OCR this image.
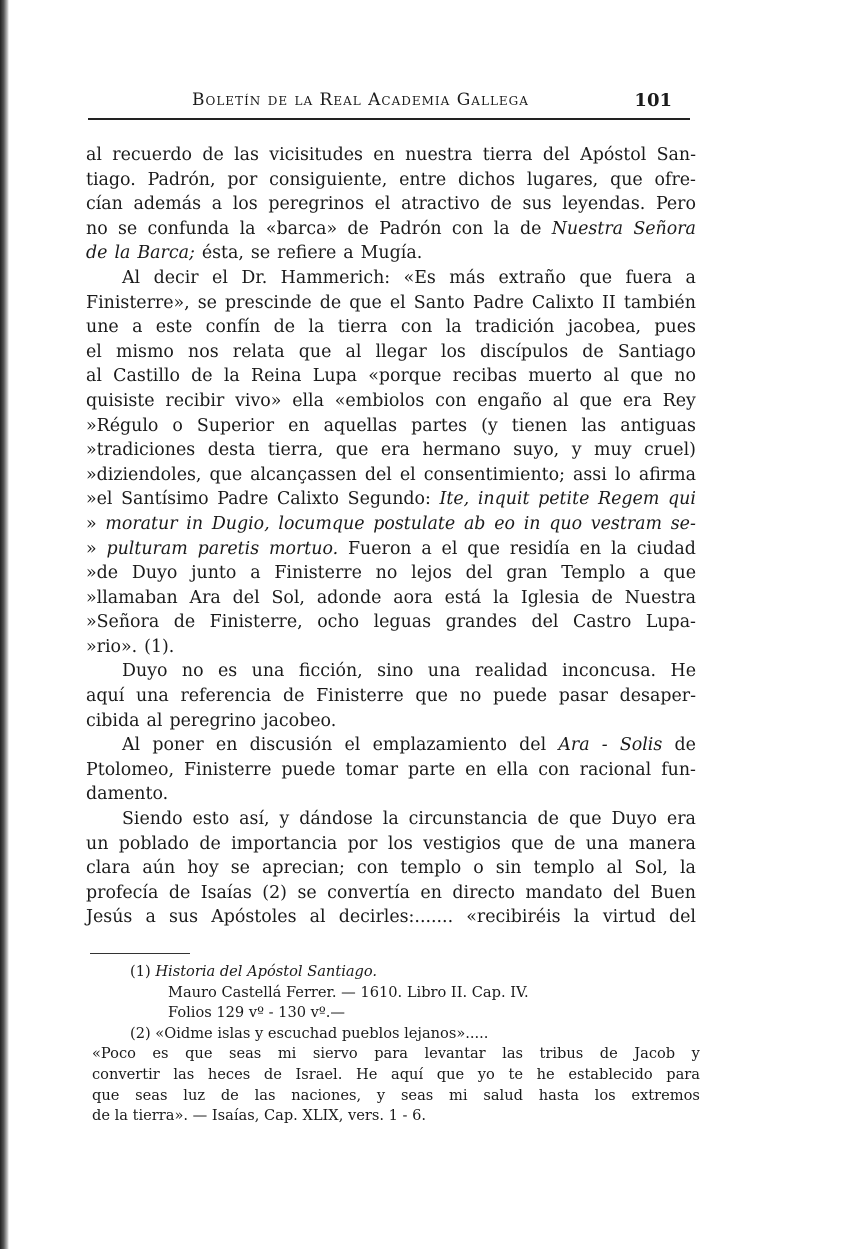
Boletín de la Real Academia Gallega	101
al recuerdo de las vicisitudes en nuestra tierra del Apóstol San-
tiago. Padrón, por consiguiente, entre dichos lugares, que ofre-
cían además a los peregrinos el atractivo de sus leyendas. Pero
no se confunda la «barca» de Padrón con la de Nuestra Señora
de la Barca; ésta, se refiere a Mugía.
Al decir el Dr. Hammerich: «Es más extraño que fuera a
Finisterre», se prescinde de que el Santo Padre Calixto II también
une a este confín de la tierra con la tradición jacobea, pues
el mismo nos relata que al llegar los discípulos de Santiago
al Castillo de la Reina Lupa «porque recibas muerto al que no
quisiste recibir vivo» ella «embiolos con engaño al que era Rey
»Régulo o Superior en aquellas partes (y tienen las antiguas
»tradiciones desta tierra, que era hermano suyo, y muy cruel)
»diziendoles, que alcançassen del el consentimiento; assi lo afirma
»el Santísimo Padre Calixto Segundo: Ite, inquit petite Regem qui
» moratur in Dugio, locumque postulate ab eo in quo vestram se-
» pulturam paretis mortuo. Fueron a el que residía en la ciudad
»de Duyo junto a Finisterre no lejos del gran Templo a que
»llamaban Ara del Sol, adonde aora está la Iglesia de Nuestra
»Señora de Finisterre, ocho leguas grandes del Castro Lupa-
»rio». (1).
Duyo no es una ficción, sino una realidad inconcusa. He
aquí una referencia de Finisterre que no puede pasar desaper-
cibida al peregrino jacobeo.
Al poner en discusión el emplazamiento del Ara - Solis de
Ptolomeo, Finisterre puede tomar parte en ella con racional fun-
damento.
Siendo esto así, y dándose la circunstancia de que Duyo era
un poblado de importancia por los vestigios que de una manera
clara aún hoy se aprecian; con templo o sin templo al Sol, la
profecía de Isaías (2) se convertía en directo mandato del Buen
Jesús a sus Apóstoles al decirles:....... «recibiréis la virtud del
(1) Historia del Apóstol Santiago.
Mauro Castellá Ferrer. — 1610. Libro II. Cap. IV.
Folios 129 vº - 130 vº.—
(2) «Oidme islas y escuchad pueblos lejanos».....
«Poco es que seas mi siervo para levantar las tribus de Jacob y
convertir las heces de Israel. He aquí que yo te he establecido para
que seas luz de las naciones, y seas mi salud hasta los extremos
de la tierra». — Isaías, Cap. XLIX, vers. 1 - 6.
